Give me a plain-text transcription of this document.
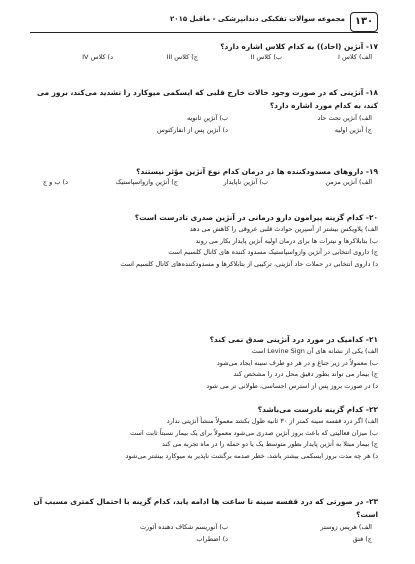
۱۳۰
مجموعه سوالات تفکیکی دندانپزشکی - ماقبل ۲۰۱۵
۱۷- آنژین (احاد)) به کدام کلاس اشاره دارد؟
الف) کلاس I
ب) کلاس II
ج) کلاس III
د) کلاس IV
۱۸- آنژینی که در صورت وجود حالات خارج قلبی که ایسکمی میوکارد را تشدید می‌کند، بروز می کند، به کدام مورد اشاره دارد؟
الف) آنژین تحت حاد
ب) آنژین ثانویه
ج) آنژین اولیه
د) آنژین پس از انفارکتوس
۱۹- داروهای مسدودکننده ها در درمان کدام نوع آنژین مؤثر نیستند؟
الف) آنژین مزمن
ب) آنژین ناپایدار
ج) آنژین وازواسپاستیک
د) ب و ج
۲۰- کدام گزینه پیرامون دارو درمانی در آنژین صدری نادرست است؟
الف) پلاویکس بیشتر از آسپرین حوادث قلبی عروقی را کاهش می دهد
ب) بتابلاکرها و نیترات ها برای درمان اولیه آنژین پایدار بکار می روند
ج) داروی انتخابی در آنژین وازواسپاستیک مسدود کننده های کانال کلسیم است
د) داروی انتخابی در حملات حاد آنژینی، ترکیبی از بتابلاکرها و مسدودکننده‌های کانال کلسیم است
۲۱- کدامیک در مورد درد آنژینی صدق نمی کند؟
الف) یکی از نشانه های آن Levine Sign است
ب) معمولاً در زیر جناغ و در هر دو طرف سینه ایجاد می‌شود
ج) بیمار می تواند بطور دقیق محل درد را مشخص کند
د) در صورت بروز پس از استرس احساسی، طولانی تر می شود
۲۲- کدام گزینه نادرست می‌باشد؟
الف) اگر درد قفسه سینه کمتر از ۳۰ ثانیه طول بکشد معمولاً منشأ آنژینی ندارد
ب) میزان فعالیتی که باعث بروز آنژین صدری می‌شود معمولاً برای یک بیمار نسبتاً ثابت است
ج) بیمار مبتلا به آنژین پایدار بطور متوسط یک یا دو حمله را در ماه تجربه می کند
د) هر چه مدت بروز ایسکمی بیشتر باشد، خطر صدمه برگشت ناپذیر به میوکارد بیشتر می‌شود
۲۳- در صورتی که درد قفسه سینه تا ساعت ها ادامه یابد، کدام گزینه با احتمال کمتری مسبب آن است؟
الف) هرپس زوستر
ب) آنوریسم شکاف دهنده آئورت
ج) فتق
د) اضطراب
